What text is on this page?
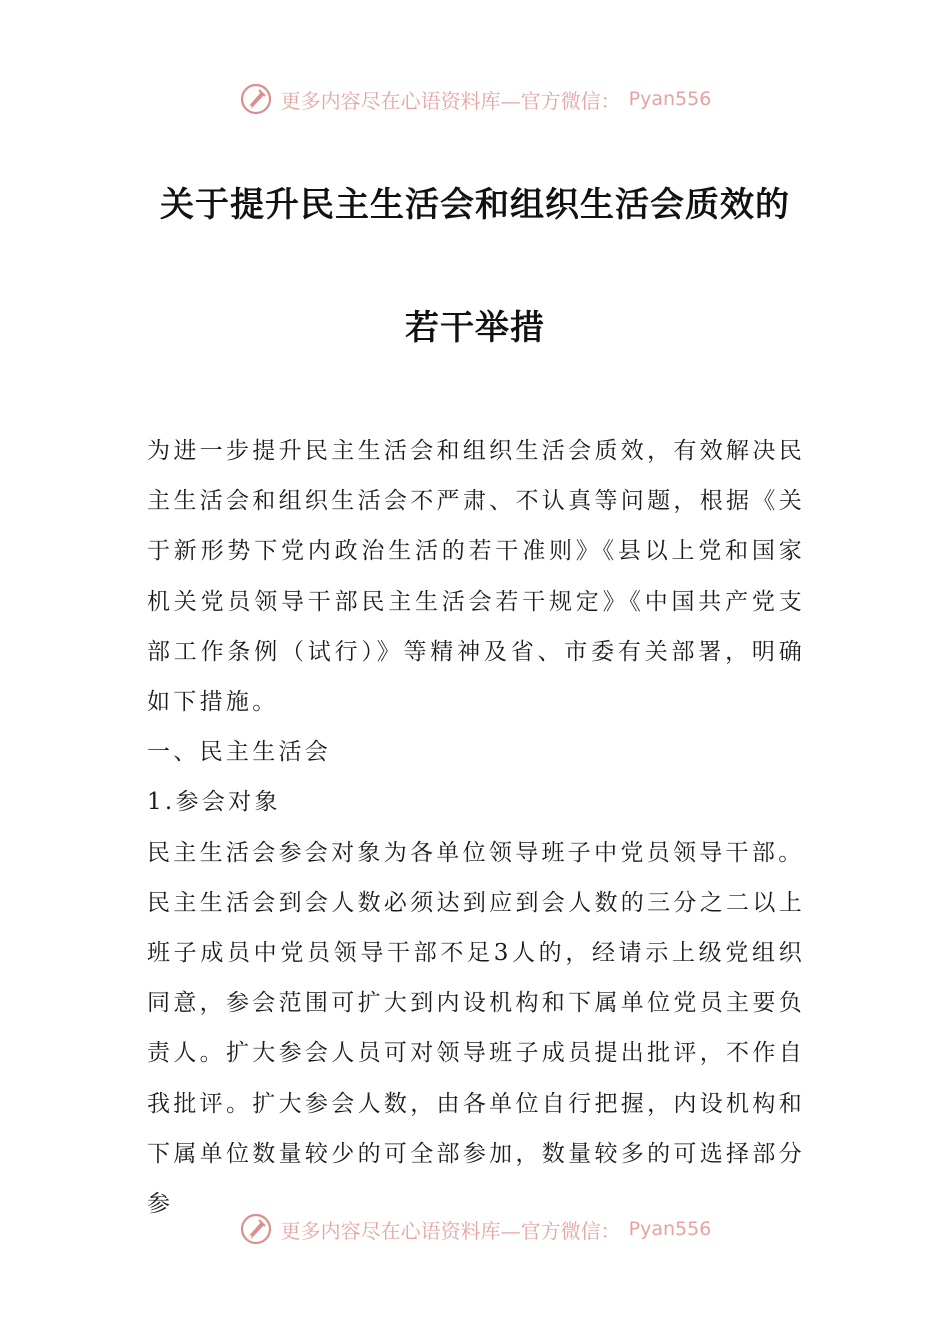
更多内容尽在心语资料库—官方微信： Pyan556
关于提升民主生活会和组织生活会质效的
若干举措

为进一步提升民主生活会和组织生活会质效，有效解决民主生活会和组织生活会不严肃、不认真等问题，根据《关于新形势下党内政治生活的若干准则》《县以上党和国家机关党员领导干部民主生活会若干规定》《中国共产党支部工作条例（试行）》等精神及省、市委有关部署，明确如下措施。

一、民主生活会

1.参会对象

民主生活会参会对象为各单位领导班子中党员领导干部。

民主生活会到会人数必须达到应到会人数的三分之二以上班子成员中党员领导干部不足3人的，经请示上级党组织同意，参会范围可扩大到内设机构和下属单位党员主要负责人。扩大参会人员可对领导班子成员提出批评，不作自我批评。扩大参会人数，由各单位自行把握，内设机构和下属单位数量较少的可全部参加，数量较多的可选择部分参

更多内容尽在心语资料库—官方微信： Pyan556
